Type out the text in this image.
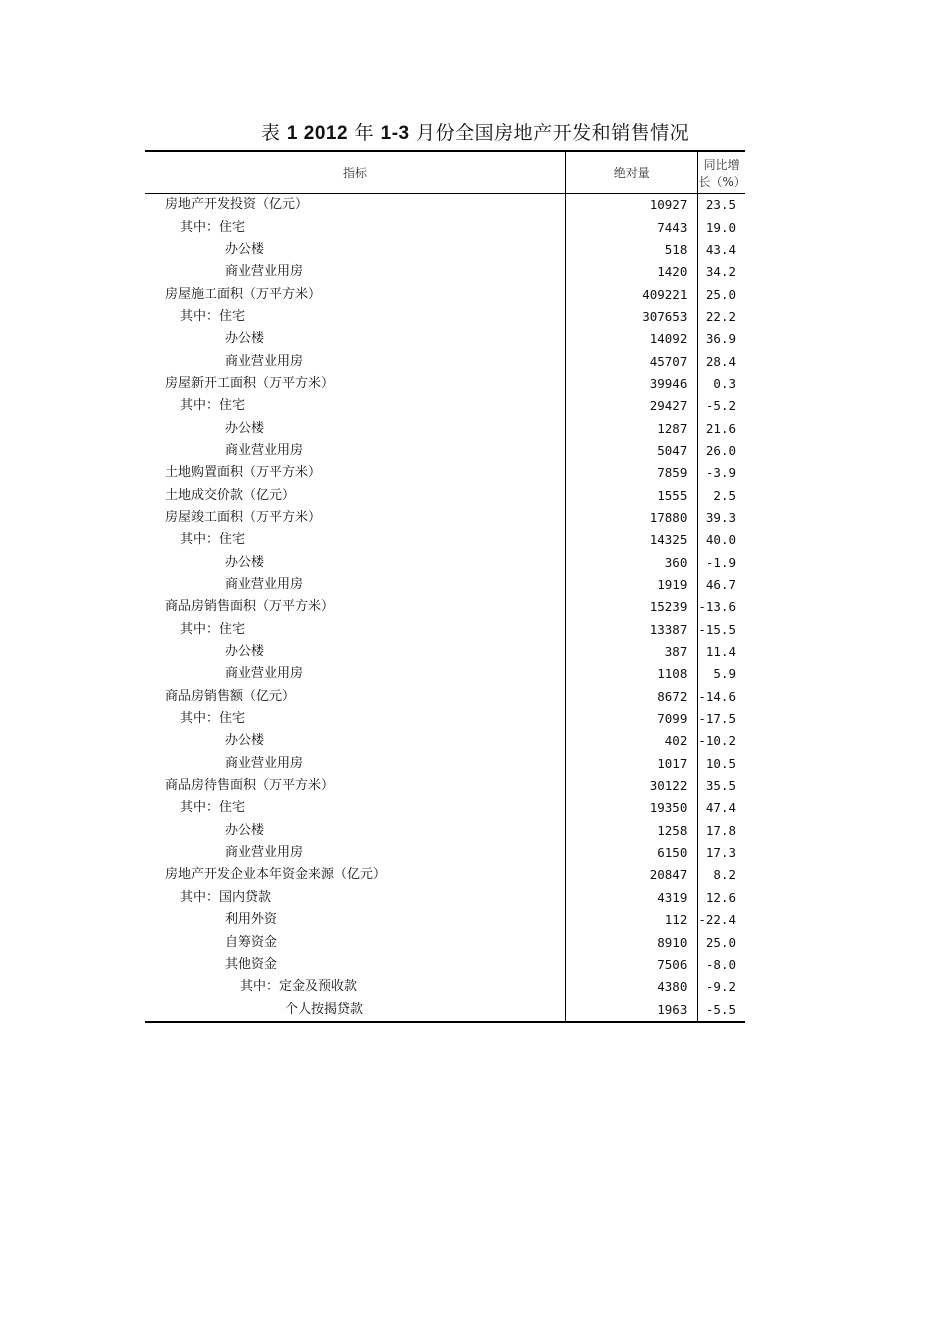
表 1 2012 年 1-3 月份全国房地产开发和销售情况
指标	绝对量	同比增长（%）
房地产开发投资（亿元）	10927	23.5
其中：住宅	7443	19.0
办公楼	518	43.4
商业营业用房	1420	34.2
房屋施工面积（万平方米）	409221	25.0
其中：住宅	307653	22.2
办公楼	14092	36.9
商业营业用房	45707	28.4
房屋新开工面积（万平方米）	39946	0.3
其中：住宅	29427	-5.2
办公楼	1287	21.6
商业营业用房	5047	26.0
土地购置面积（万平方米）	7859	-3.9
土地成交价款（亿元）	1555	2.5
房屋竣工面积（万平方米）	17880	39.3
其中：住宅	14325	40.0
办公楼	360	-1.9
商业营业用房	1919	46.7
商品房销售面积（万平方米）	15239	-13.6
其中：住宅	13387	-15.5
办公楼	387	11.4
商业营业用房	1108	5.9
商品房销售额（亿元）	8672	-14.6
其中：住宅	7099	-17.5
办公楼	402	-10.2
商业营业用房	1017	10.5
商品房待售面积（万平方米）	30122	35.5
其中：住宅	19350	47.4
办公楼	1258	17.8
商业营业用房	6150	17.3
房地产开发企业本年资金来源（亿元）	20847	8.2
其中：国内贷款	4319	12.6
利用外资	112	-22.4
自筹资金	8910	25.0
其他资金	7506	-8.0
其中：定金及预收款	4380	-9.2
个人按揭贷款	1963	-5.5
